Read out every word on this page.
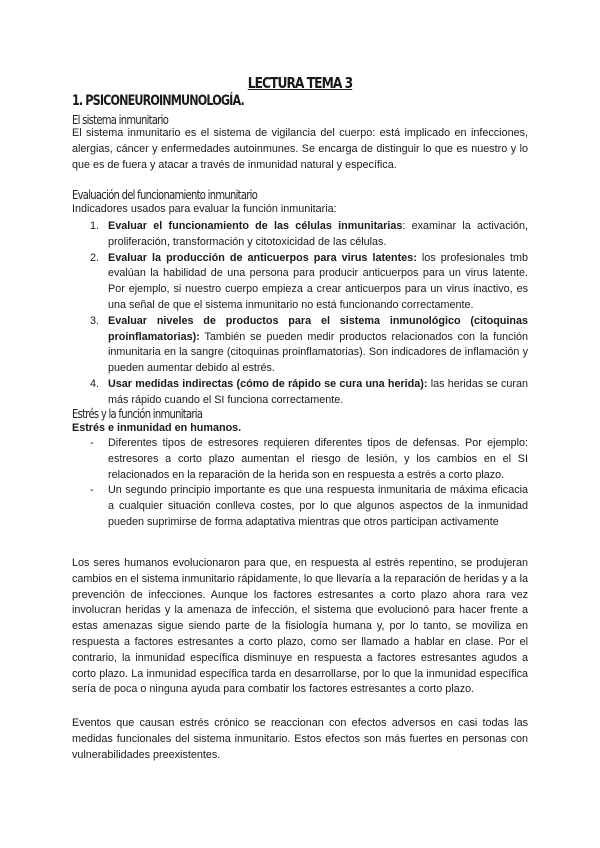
LECTURA TEMA 3
1. PSICONEUROINMUNOLOGÍA.
El sistema inmunitario

El sistema inmunitario es el sistema de vigilancia del cuerpo: está implicado en infecciones, alergias, cáncer y enfermedades autoinmunes. Se encarga de distinguir lo que es nuestro y lo que es de fuera y atacar a través de inmunidad natural y específica.

Evaluación del funcionamiento inmunitario
Indicadores usados para evaluar la función inmunitaria:
1. Evaluar el funcionamiento de las células inmunitarias: examinar la activación, proliferación, transformación y citotoxicidad de las células.
2. Evaluar la producción de anticuerpos para virus latentes: los profesionales tmb evalúan la habilidad de una persona para producir anticuerpos para un virus latente. Por ejemplo, si nuestro cuerpo empieza a crear anticuerpos para un virus inactivo, es una señal de que el sistema inmunitario no está funcionando correctamente.
3. Evaluar niveles de productos para el sistema inmunológico (citoquinas proinflamatorias): También se pueden medir productos relacionados con la función inmunitaria en la sangre (citoquinas proinflamatorias). Son indicadores de inflamación y pueden aumentar debido al estrés.
4. Usar medidas indirectas (cómo de rápido se cura una herida): las heridas se curan más rápido cuando el SI funciona correctamente.
Estrés y la función inmunitaria
Estrés e inmunidad en humanos.
- Diferentes tipos de estresores requieren diferentes tipos de defensas. Por ejemplo: estresores a corto plazo aumentan el riesgo de lesión, y los cambios en el SI relacionados en la reparación de la herida son en respuesta a estrés a corto plazo.
- Un segundo principio importante es que una respuesta inmunitaria de máxima eficacia a cualquier situación conlleva costes, por lo que algunos aspectos de la inmunidad pueden suprimirse de forma adaptativa mientras que otros participan activamente

Los seres humanos evolucionaron para que, en respuesta al estrés repentino, se produjeran cambios en el sistema inmunitario rápidamente, lo que llevaría a la reparación de heridas y a la prevención de infecciones. Aunque los factores estresantes a corto plazo ahora rara vez involucran heridas y la amenaza de infección, el sistema que evolucionó para hacer frente a estas amenazas sigue siendo parte de la fisiología humana y, por lo tanto, se moviliza en respuesta a factores estresantes a corto plazo, como ser llamado a hablar en clase. Por el contrario, la inmunidad específica disminuye en respuesta a factores estresantes agudos a corto plazo. La inmunidad específica tarda en desarrollarse, por lo que la inmunidad específica sería de poca o ninguna ayuda para combatir los factores estresantes a corto plazo.

Eventos que causan estrés crónico se reaccionan con efectos adversos en casi todas las medidas funcionales del sistema inmunitario. Estos efectos son más fuertes en personas con vulnerabilidades preexistentes.
